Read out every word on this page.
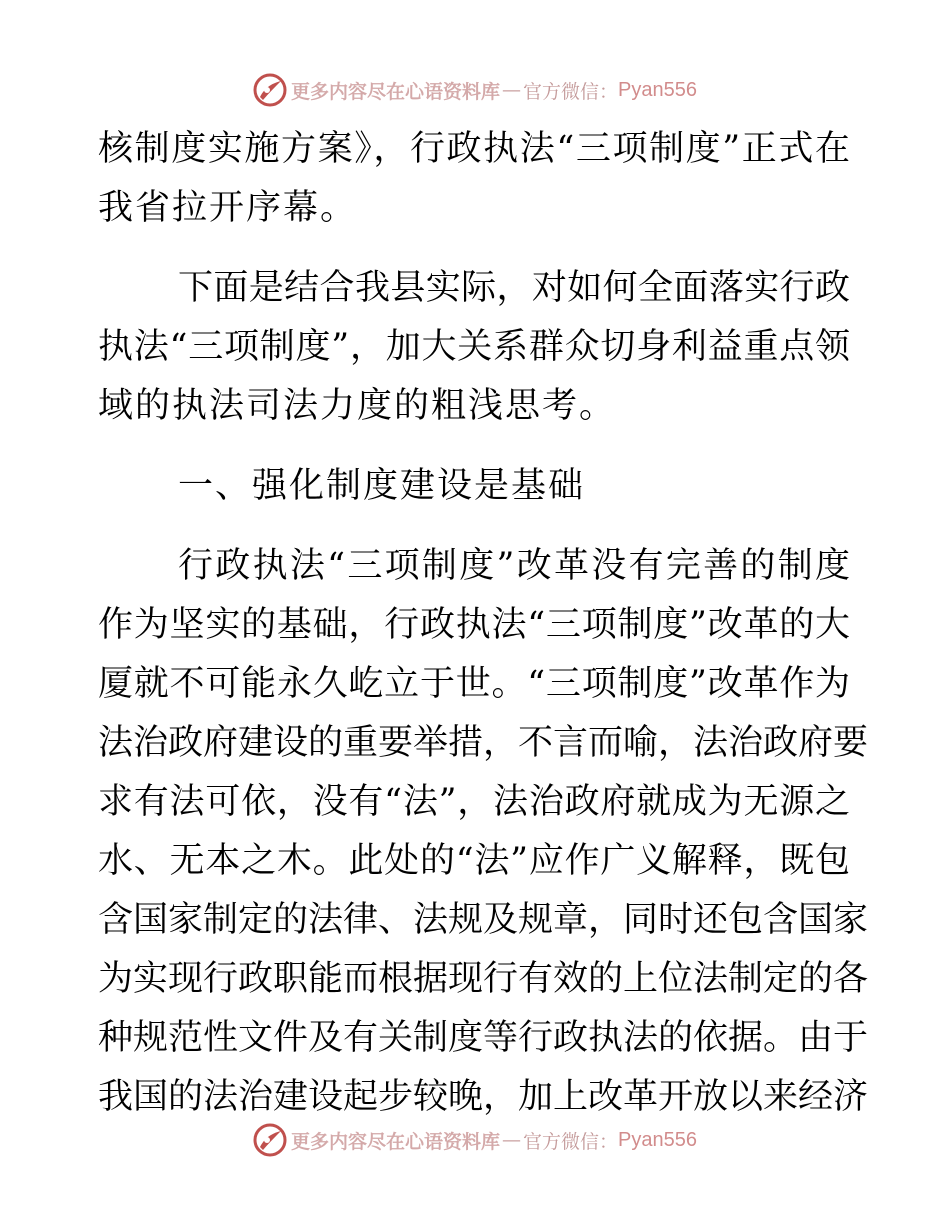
更多内容尽在心语资料库 — 官方微信： Pyan556
核制度实施方案》，行政执法“三项制度”正式在
我省拉开序幕。
下面是结合我县实际，对如何全面落实行政
执法“三项制度”，加大关系群众切身利益重点领
域的执法司法力度的粗浅思考。
一、强化制度建设是基础
行政执法“三项制度”改革没有完善的制度
作为坚实的基础，行政执法“三项制度”改革的大
厦就不可能永久屹立于世。“三项制度”改革作为
法治政府建设的重要举措，不言而喻，法治政府要
求有法可依，没有“法”，法治政府就成为无源之
水、无本之木。此处的“法”应作广义解释，既包
含国家制定的法律、法规及规章，同时还包含国家
为实现行政职能而根据现行有效的上位法制定的各
种规范性文件及有关制度等行政执法的依据。由于
我国的法治建设起步较晚，加上改革开放以来经济
更多内容尽在心语资料库 — 官方微信： Pyan556
